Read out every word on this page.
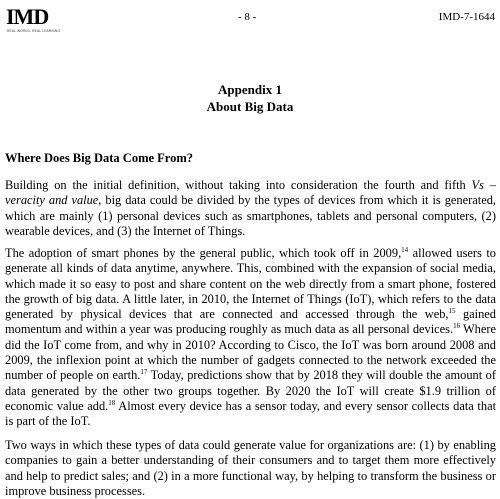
IMD
REAL WORLD. REAL LEARNING
- 8 -	IMD-7-1644
Appendix 1
About Big Data
Where Does Big Data Come From?
Building on the initial definition, without taking into consideration the fourth and fifth Vs – veracity and value, big data could be divided by the types of devices from which it is generated, which are mainly (1) personal devices such as smartphones, tablets and personal computers, (2) wearable devices, and (3) the Internet of Things.
The adoption of smart phones by the general public, which took off in 2009,14 allowed users to generate all kinds of data anytime, anywhere. This, combined with the expansion of social media, which made it so easy to post and share content on the web directly from a smart phone, fostered the growth of big data. A little later, in 2010, the Internet of Things (IoT), which refers to the data generated by physical devices that are connected and accessed through the web,$^{15}$ gained momentum and within a year was producing roughly as much data as all personal devices.$^{16}$ Where did the IoT come from, and why in 2010? According to Cisco, the IoT was born around 2008 and 2009, the inflexion point at which the number of gadgets connected to the network exceeded the number of people on earth.$^{17}$ Today, predictions show that by 2018 they will double the amount of data generated by the other two groups together. By 2020 the IoT will create $1.9 trillion of economic value add.$^{18}$ Almost every device has a sensor today, and every sensor collects data that is part of the IoT.
Two ways in which these types of data could generate value for organizations are: (1) by enabling companies to gain a better understanding of their consumers and to target them more effectively and help to predict sales; and (2) in a more functional way, by helping to transform the business or improve business processes.
